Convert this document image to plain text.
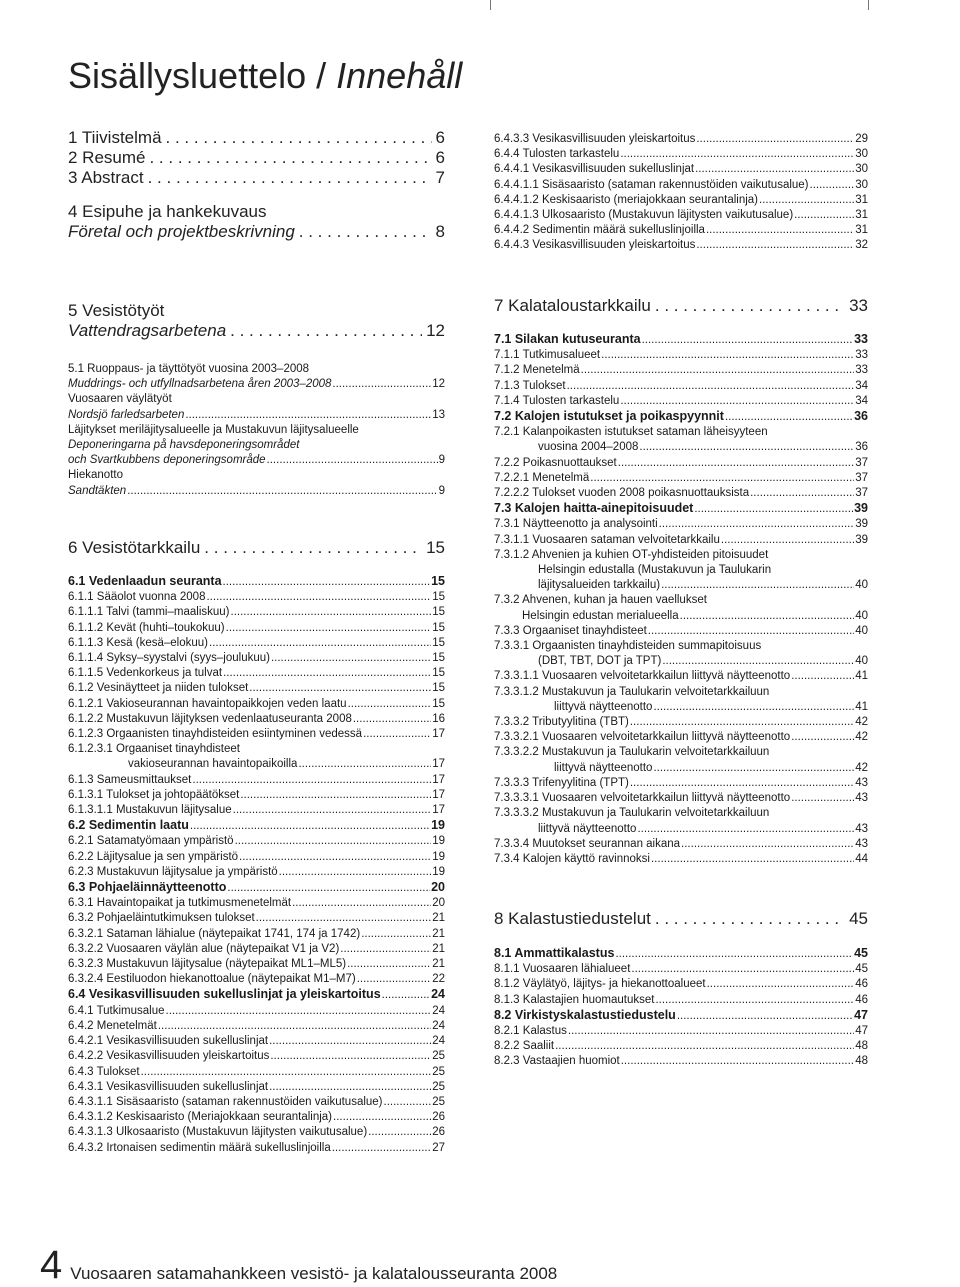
Sisällysluettelo / Innehåll
1 Tiivistelmä . . .	6
2 Resumé . . .	6
3 Abstract . . .	7
4 Esipuhe ja hankekuvaus
Företal och projektbeskrivning . . .	8
6.4.3.3 Vesikasvillisuuden yleiskartoitus .....	29
6.4.4 Tulosten tarkastelu .....	30
6.4.4.1 Vesikasvillisuuden sukelluslinjat .....	30
6.4.4.1.1 Sisäsaaristo (sataman rakennustöiden vaikutusalue) .....	30
6.4.4.1.2 Keskisaaristo (meriajokkaan seurantalinja) .....	31
6.4.4.1.3 Ulkosaaristo (Mustakuvun läjitysten vaikutusalue) .....	31
6.4.4.2 Sedimentin määrä sukelluslinjoilla .....	31
6.4.4.3 Vesikasvillisuuden yleiskartoitus .....	32
5 Vesistötyöt
Vattendragsarbetena . . .	12
5.1 Ruoppaus- ja täyttötyöt vuosina 2003–2008
Muddrings- och utfyllnadsarbetena åren 2003–2008 .....	12
Vuosaaren väylätyöt
Nordsjö farledsarbeten .....	13
Läjitykset meriläjitysalueelle ja Mustakuvun läjitysalueelle
Deponeringarna på havsdeponeringsområdet
och Svartkubbens deponeringsområde .....	9
Hiekanotto
Sandtäkten .....	9
6 Vesistötarkkailu . . .	15
6.1 Vedenlaadun seuranta .....	15
6.1.1 Sääolot vuonna 2008 .....	15
6.1.1.1 Talvi (tammi–maaliskuu) .....	15
6.1.1.2 Kevät (huhti–toukokuu) .....	15
6.1.1.3 Kesä (kesä–elokuu) .....	15
6.1.1.4 Syksy–syystalvi (syys–joulukuu) .....	15
6.1.1.5 Vedenkorkeus ja tulvat .....	15
6.1.2 Vesinäytteet ja niiden tulokset .....	15
6.1.2.1 Vakioseurannan havaintopaikkojen veden laatu .....	15
6.1.2.2 Mustakuvun läjityksen vedenlaatuseuranta 2008 .....	16
6.1.2.3 Orgaanisten tinayhdisteiden esiintyminen vedessä .....	17
6.1.2.3.1 Orgaaniset tinayhdisteet
vakioseurannan havaintopaikoilla .....	17
6.1.3 Sameusmittaukset .....	17
6.1.3.1 Tulokset ja johtopäätökset .....	17
6.1.3.1.1 Mustakuvun läjitysalue .....	17
6.2 Sedimentin laatu .....	19
6.2.1 Satamatyömaan ympäristö .....	19
6.2.2 Läjitysalue ja sen ympäristö .....	19
6.2.3 Mustakuvun läjitysalue ja ympäristö .....	19
6.3 Pohjaeläinnäytteenotto .....	20
6.3.1 Havaintopaikat ja tutkimusmenetelmät .....	20
6.3.2 Pohjaeläintutkimuksen tulokset .....	21
6.3.2.1 Sataman lähialue (näytepaikat 1741, 174 ja 1742) .....	21
6.3.2.2 Vuosaaren väylän alue (näytepaikat V1 ja V2) .....	21
6.3.2.3 Mustakuvun läjitysalue (näytepaikat ML1–ML5) .....	21
6.3.2.4 Eestiluodon hiekanottoalue (näytepaikat M1–M7) .....	22
6.4 Vesikasvillisuuden sukelluslinjat ja yleiskartoitus .....	24
6.4.1 Tutkimusalue .....	24
6.4.2 Menetelmät .....	24
6.4.2.1 Vesikasvillisuuden sukelluslinjat .....	24
6.4.2.2 Vesikasvillisuuden yleiskartoitus .....	25
6.4.3 Tulokset .....	25
6.4.3.1 Vesikasvillisuuden sukelluslinjat .....	25
6.4.3.1.1 Sisäsaaristo (sataman rakennustöiden vaikutusalue) .....	25
6.4.3.1.2 Keskisaaristo (Meriajokkaan seurantalinja) .....	26
6.4.3.1.3 Ulkosaaristo (Mustakuvun läjitysten vaikutusalue) .....	26
6.4.3.2 Irtonaisen sedimentin määrä sukelluslinjoilla .....	27
7 Kalataloustarkkailu . . .	33
7.1 Silakan kutuseuranta .....	33
7.1.1 Tutkimusalueet .....	33
7.1.2 Menetelmä .....	33
7.1.3 Tulokset .....	34
7.1.4 Tulosten tarkastelu .....	34
7.2 Kalojen istutukset ja poikaspyynnit .....	36
7.2.1 Kalanpoikasten istutukset sataman läheisyyteen
vuosina 2004–2008 .....	36
7.2.2 Poikasnuottaukset .....	37
7.2.2.1 Menetelmä .....	37
7.2.2.2 Tulokset vuoden 2008 poikasnuottauksista .....	37
7.3 Kalojen haitta-ainepitoisuudet .....	39
7.3.1 Näytteenotto ja analysointi .....	39
7.3.1.1 Vuosaaren sataman velvoitetarkkailu .....	39
7.3.1.2 Ahvenien ja kuhien OT-yhdisteiden pitoisuudet
Helsingin edustalla (Mustakuvun ja Taulukarin
läjitysalueiden tarkkailu) .....	40
7.3.2 Ahvenen, kuhan ja hauen vaellukset
Helsingin edustan merialueella .....	40
7.3.3 Orgaaniset tinayhdisteet .....	40
7.3.3.1 Orgaanisten tinayhdisteiden summapitoisuus
(DBT, TBT, DOT ja TPT) .....	40
7.3.3.1.1 Vuosaaren velvoitetarkkailun liittyvä näytteenotto .....	41
7.3.3.1.2 Mustakuvun ja Taulukarin velvoitetarkkailuun
liittyvä näytteenotto .....	41
7.3.3.2 Tributyylitina (TBT) .....	42
7.3.3.2.1 Vuosaaren velvoitetarkkailun liittyvä näytteenotto .....	42
7.3.3.2.2 Mustakuvun ja Taulukarin velvoitetarkkailuun
liittyvä näytteenotto .....	42
7.3.3.3 Trifenyylitina (TPT) .....	43
7.3.3.3.1 Vuosaaren velvoitetarkkailun liittyvä näytteenotto .....	43
7.3.3.3.2 Mustakuvun ja Taulukarin velvoitetarkkailuun
liittyvä näytteenotto .....	43
7.3.3.4 Muutokset seurannan aikana .....	43
7.3.4 Kalojen käyttö ravinnoksi .....	44
8 Kalastustiedustelut . . .	45
8.1 Ammattikalastus .....	45
8.1.1 Vuosaaren lähialueet .....	45
8.1.2 Väylätyö, läjitys- ja hiekanottoalueet .....	46
8.1.3 Kalastajien huomautukset .....	46
8.2 Virkistyskalastustiedustelu .....	47
8.2.1 Kalastus .....	47
8.2.2 Saaliit .....	48
8.2.3 Vastaajien huomiot .....	48
4 Vuosaaren satamahankkeen vesistö- ja kalatalousseuranta 2008
